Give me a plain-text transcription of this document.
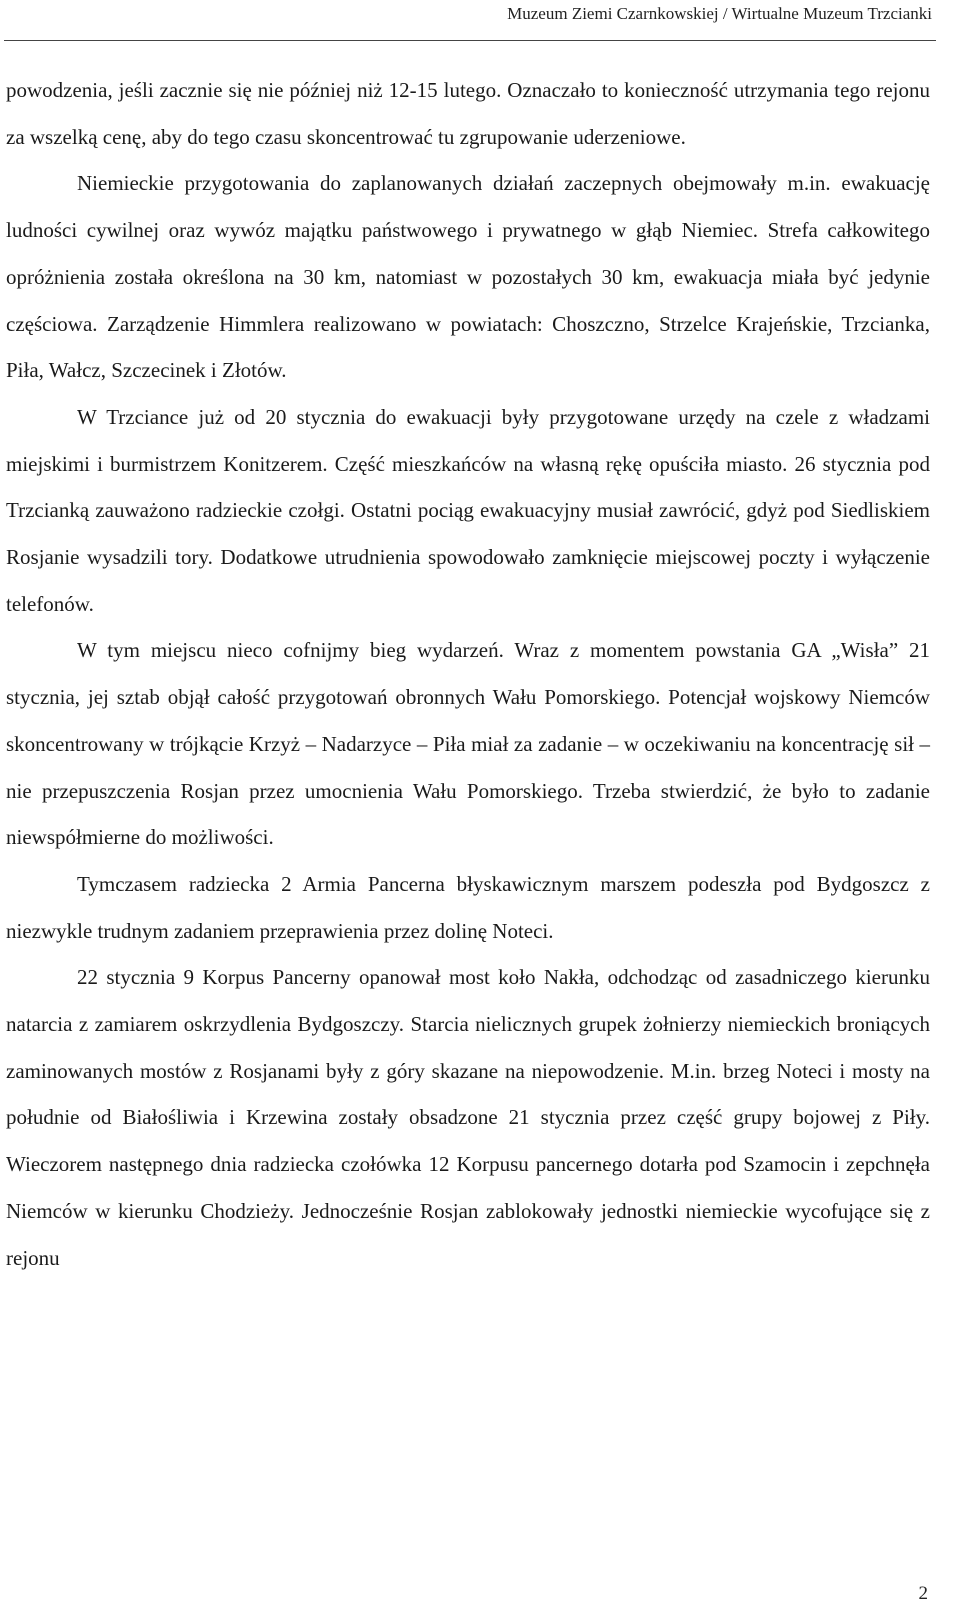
Muzeum Ziemi Czarnkowskiej / Wirtualne Muzeum Trzcianki

powodzenia, jeśli zacznie się nie później niż 12-15 lutego. Oznaczało to konieczność utrzymania tego rejonu za wszelką cenę, aby do tego czasu skoncentrować tu zgrupowanie uderzeniowe.

Niemieckie przygotowania do zaplanowanych działań zaczepnych obejmowały m.in. ewakuację ludności cywilnej oraz wywóz majątku państwowego i prywatnego w głąb Niemiec. Strefa całkowitego opróżnienia została określona na 30 km, natomiast w pozostałych 30 km, ewakuacja miała być jedynie częściowa. Zarządzenie Himmlera realizowano w powiatach: Choszczno, Strzelce Krajeńskie, Trzcianka, Piła, Wałcz, Szczecinek i Złotów.

W Trzciance już od 20 stycznia do ewakuacji były przygotowane urzędy na czele z władzami miejskimi i burmistrzem Konitzerem. Część mieszkańców na własną rękę opuściła miasto. 26 stycznia pod Trzcianką zauważono radzieckie czołgi. Ostatni pociąg ewakuacyjny musiał zawrócić, gdyż pod Siedliskiem Rosjanie wysadzili tory. Dodatkowe utrudnienia spowodowało zamknięcie miejscowej poczty i wyłączenie telefonów.

W tym miejscu nieco cofnijmy bieg wydarzeń. Wraz z momentem powstania GA „Wisła” 21 stycznia, jej sztab objął całość przygotowań obronnych Wału Pomorskiego. Potencjał wojskowy Niemców skoncentrowany w trójkącie Krzyż – Nadarzyce – Piła miał za zadanie – w oczekiwaniu na koncentrację sił – nie przepuszczenia Rosjan przez umocnienia Wału Pomorskiego. Trzeba stwierdzić, że było to zadanie niewspółmierne do możliwości.

Tymczasem radziecka 2 Armia Pancerna błyskawicznym marszem podeszła pod Bydgoszcz z niezwykle trudnym zadaniem przeprawienia przez dolinę Noteci.

22 stycznia 9 Korpus Pancerny opanował most koło Nakła, odchodząc od zasadniczego kierunku natarcia z zamiarem oskrzydlenia Bydgoszczy. Starcia nielicznych grupek żołnierzy niemieckich broniących zaminowanych mostów z Rosjanami były z góry skazane na niepowodzenie. M.in. brzeg Noteci i mosty na południe od Białośliwia i Krzewina zostały obsadzone 21 stycznia przez część grupy bojowej z Piły. Wieczorem następnego dnia radziecka czołówka 12 Korpusu pancernego dotarła pod Szamocin i zepchnęła Niemców w kierunku Chodzieży. Jednocześnie Rosjan zablokowały jednostki niemieckie wycofujące się z rejonu

2
